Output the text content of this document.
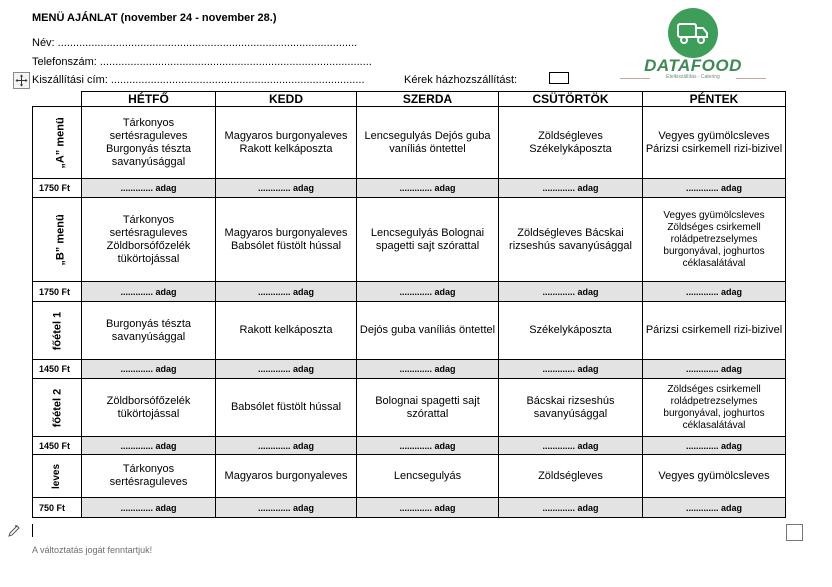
MENÜ AJÁNLAT (november 24 - november 28.)
Név: ..................................................................................................
Telefonszám: .........................................................................................
Kiszállítási cím: ...................................................................................	Kérek házhozszállítást:
DATAFOOD
Ételkiszállítás - Catering
	HÉTFŐ	KEDD	SZERDA	CSÜTÖRTÖK	PÉNTEK
„A” menü	Tárkonyos sertésraguleves Burgonyás tészta savanyúsággal	Magyaros burgonyaleves Rakott kelkáposzta	Lencsegulyás Dejós guba vaníliás öntettel	Zöldségleves Székelykáposzta	Vegyes gyümölcsleves Párizsi csirkemell rizi-bizivel
1750 Ft	............. adag	............. adag	............. adag	............. adag	............. adag
„B” menü	Tárkonyos sertésraguleves Zöldborsófőzelék tükörtojással	Magyaros burgonyaleves Babsólet füstölt hússal	Lencsegulyás Bolognai spagetti sajt szórattal	Zöldségleves Bácskai rizseshús savanyúsággal	Vegyes gyümölcsleves Zöldséges csirkemell roládpetrezselymes burgonyával, joghurtos céklasalátával
1750 Ft	............. adag	............. adag	............. adag	............. adag	............. adag
főétel 1	Burgonyás tészta savanyúsággal	Rakott kelkáposzta	Dejós guba vaníliás öntettel	Székelykáposzta	Párizsi csirkemell rizi-bizivel
1450 Ft	............. adag	............. adag	............. adag	............. adag	............. adag
főétel 2	Zöldborsófőzelék tükörtojással	Babsólet füstölt hússal	Bolognai spagetti sajt szórattal	Bácskai rizseshús savanyúsággal	Zöldséges csirkemell roládpetrezselymes burgonyával, joghurtos céklasalátával
1450 Ft	............. adag	............. adag	............. adag	............. adag	............. adag
leves	Tárkonyos sertésraguleves	Magyaros burgonyaleves	Lencsegulyás	Zöldségleves	Vegyes gyümölcsleves
750 Ft	............. adag	............. adag	............. adag	............. adag	............. adag
A változtatás jogát fenntartjuk!
